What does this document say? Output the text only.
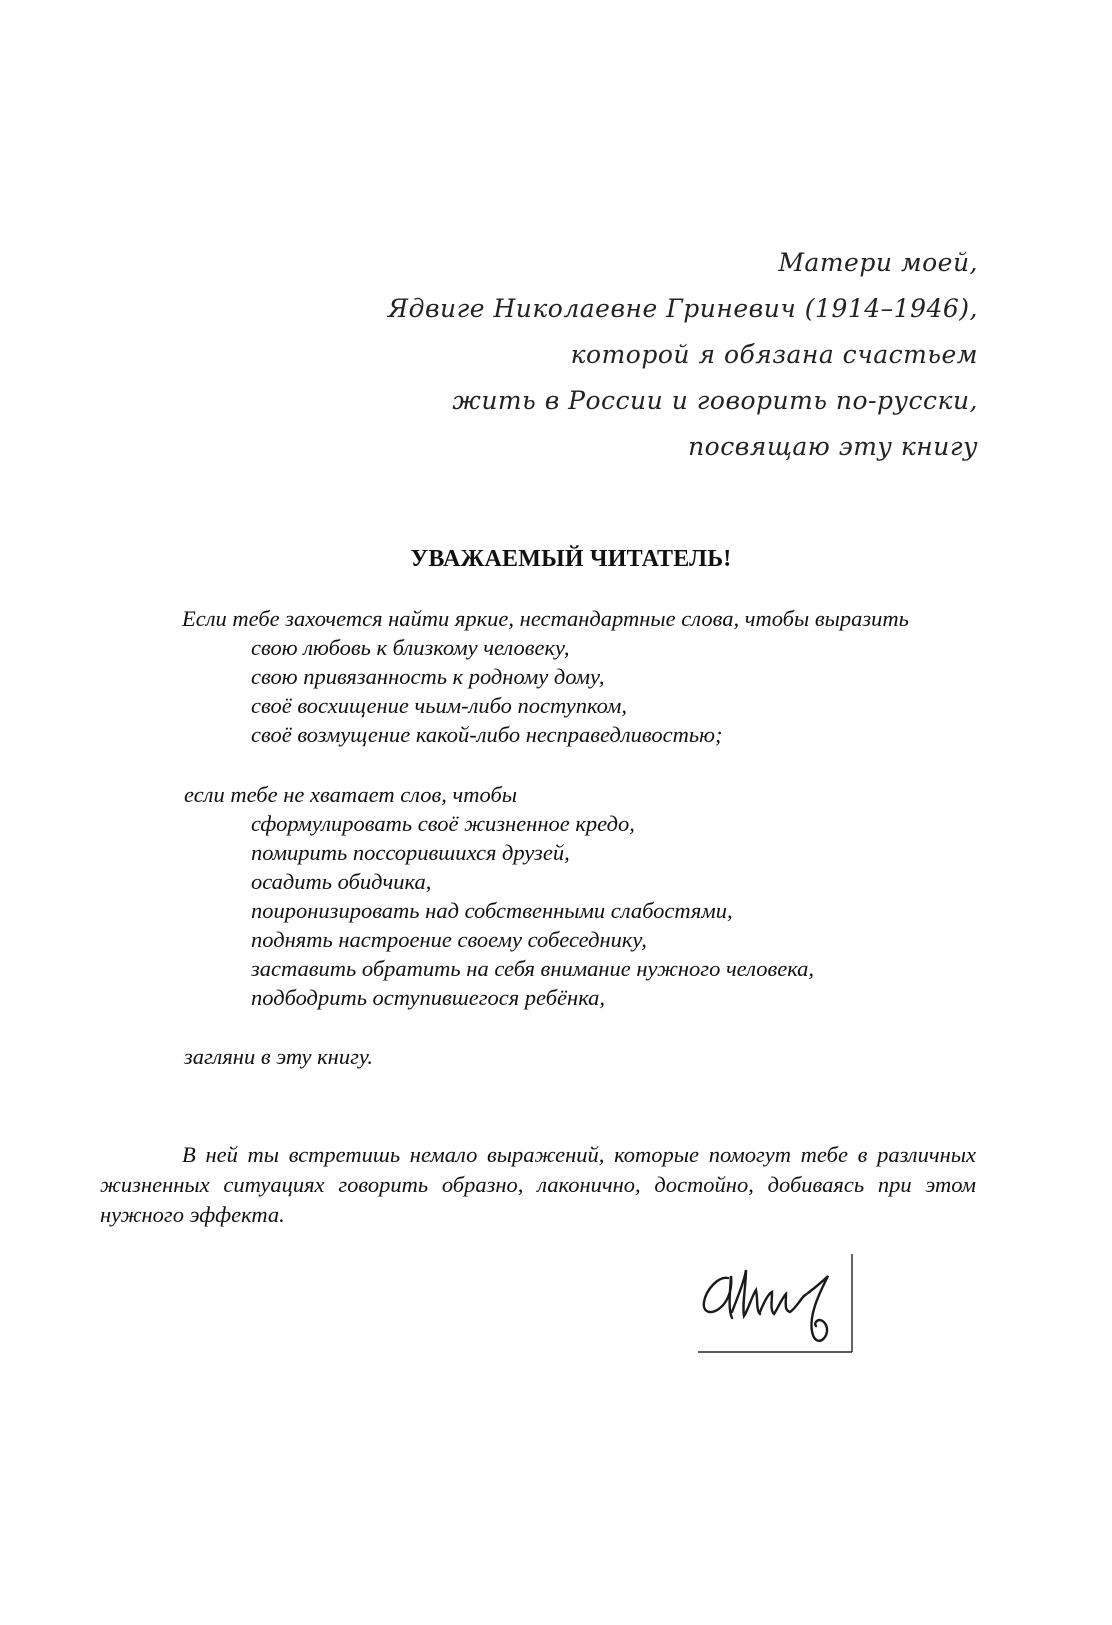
Матери моей,
Ядвиге Николаевне Гриневич (1914–1946),
которой я обязана счастьем
жить в России и говорить по-русски,
посвящаю эту книгу
УВАЖАЕМЫЙ ЧИТАТЕЛЬ!
Если тебе захочется найти яркие, нестандартные слова, чтобы выразить
свою любовь к близкому человеку,
свою привязанность к родному дому,
своё восхищение чьим-либо поступком,
своё возмущение какой-либо несправедливостью;
если тебе не хватает слов, чтобы
сформулировать своё жизненное кредо,
помирить поссорившихся друзей,
осадить обидчика,
поиронизировать над собственными слабостями,
поднять настроение своему собеседнику,
заставить обратить на себя внимание нужного человека,
подбодрить оступившегося ребёнка,
загляни в эту книгу.
В ней ты встретишь немало выражений, которые помогут тебе в различных жизненных ситуациях говорить образно, лаконично, достойно, добиваясь при этом нужного эффекта.
